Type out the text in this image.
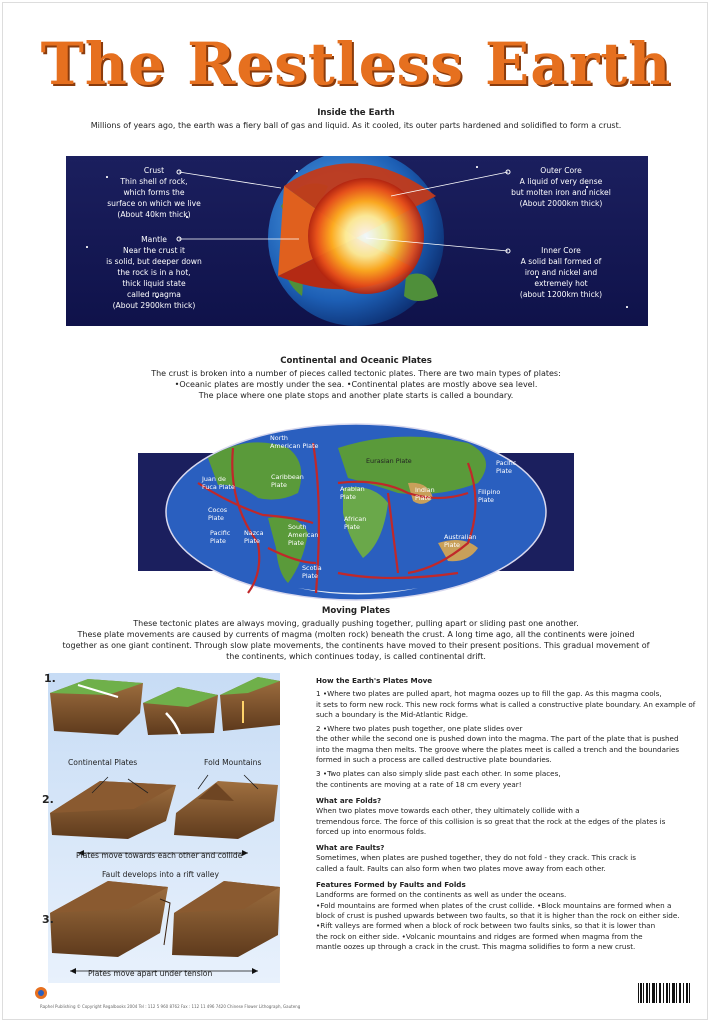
The Restless Earth
Inside the Earth
Millions of years ago, the earth was a fiery ball of gas and liquid. As it cooled, its outer parts hardened and solidified to form a crust.
Crust
Thin shell of rock,
which forms the
surface on which we live
(About 40km thick)
Mantle
Near the crust it
is solid, but deeper down
the rock is in a hot,
thick liquid state
called magma
(About 2900km thick)
Outer Core
A liquid of very dense
but molten iron and nickel
(About 2000km thick)
Inner Core
A solid ball formed of
iron and nickel and
extremely hot
(about 1200km thick)
Continental and Oceanic Plates
The crust is broken into a number of pieces called tectonic plates. There are two main types of plates:
•Oceanic plates are mostly under the sea. •Continental plates are mostly above sea level.
The place where one plate stops and another plate starts is called a boundary.
North American Plate
Eurasian Plate	Pacific Plate
Juan de Fuca Plate
Caribbean Plate	Arabian Plate
Indian Plate
Filipino Plate
Cocos Plate	African Plate
Pacific Plate
Nazca Plate
South American Plate
Australian Plate
Scotia Plate
Moving Plates
These tectonic plates are always moving, gradually pushing together, pulling apart or sliding past one another.
These plate movements are caused by currents of magma (molten rock) beneath the crust. A long time ago, all the continents were joined
together as one giant continent. Through slow plate movements, the continents have moved to their present positions. This gradual movement of
the continents, which continues today, is called continental drift.
Continental Plates	Fold Mountains
Plates move towards each other and collide
Fault develops into a rift valley
Plates move apart under tension
1.
2.
3.
How the Earth's Plates Move
1 •Where two plates are pulled apart, hot magma oozes up to fill the gap. As this magma cools,
it sets to form new rock. This new rock forms what is called a constructive plate boundary. An example of
such a boundary is the Mid-Atlantic Ridge.
2 •Where two plates push together, one plate slides over
the other while the second one is pushed down into the magma. The part of the plate that is pushed
into the magma then melts. The groove where the plates meet is called a trench and the boundaries
formed in such a process are called destructive plate boundaries.
3 •Two plates can also simply slide past each other. In some places,
the continents are moving at a rate of 18 cm every year!
What are Folds?
When two plates move towards each other, they ultimately collide with a
tremendous force. The force of this collision is so great that the rock at the edges of the plates is
forced up into enormous folds.
What are Faults?
Sometimes, when plates are pushed together, they do not fold - they crack. This crack is
called a fault. Faults can also form when two plates move away from each other.
Features Formed by Faults and Folds
Landforms are formed on the continents as well as under the oceans.
•Fold mountains are formed when plates of the crust collide. •Block mountains are formed when a
block of crust is pushed upwards between two faults, so that it is higher than the rock on either side.
•Rift valleys are formed when a block of rock between two faults sinks, so that it is lower than
the rock on either side. •Volcanic mountains and ridges are formed when magma from the
mantle oozes up through a crack in the crust. This magma solidifies to form a new crust.
Raphel Publishing © Copyright Regalbooks 2004 Tel : 112 5 960 8762 Fax : 112 11 496 7420 Chinese Flower Lithograph, Gauteng
